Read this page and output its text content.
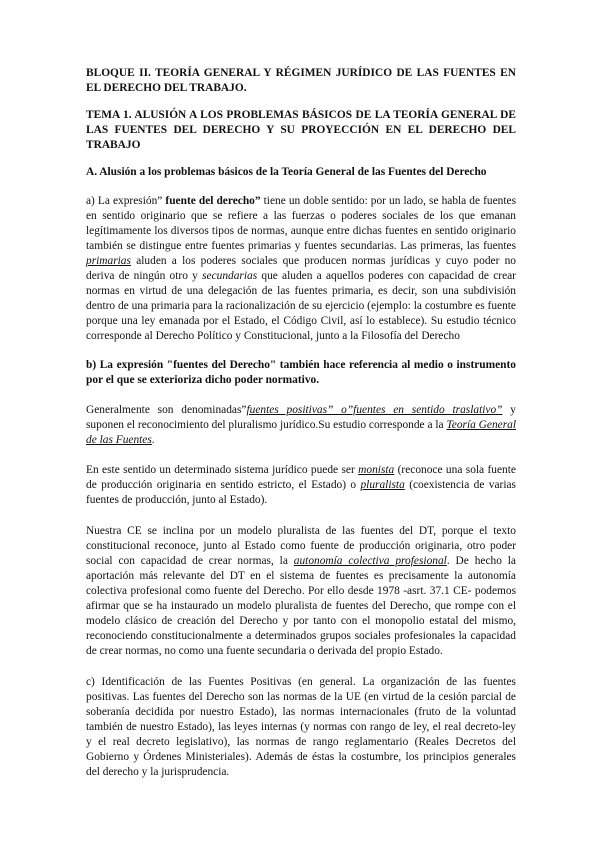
BLOQUE II. TEORÍA GENERAL Y RÉGIMEN JURÍDICO DE LAS FUENTES EN EL DERECHO DEL TRABAJO.

TEMA 1. ALUSIÓN A LOS PROBLEMAS BÁSICOS DE LA TEORÍA GENERAL DE LAS FUENTES DEL DERECHO Y SU PROYECCIÓN EN EL DERECHO DEL TRABAJO

A. Alusión a los problemas básicos de la Teoría General de las Fuentes del Derecho

a) La expresión” fuente del derecho” tiene un doble sentido: por un lado, se habla de fuentes en sentido originario que se refiere a las fuerzas o poderes sociales de los que emanan legítimamente los diversos tipos de normas, aunque entre dichas fuentes en sentido originario también se distingue entre fuentes primarias y fuentes secundarias. Las primeras, las fuentes primarias aluden a los poderes sociales que producen normas jurídicas y cuyo poder no deriva de ningún otro y secundarias que aluden a aquellos poderes con capacidad de crear normas en virtud de una delegación de las fuentes primaria, es decir, son una subdivisión dentro de una primaria para la racionalización de su ejercicio (ejemplo: la costumbre es fuente porque una ley emanada por el Estado, el Código Civil, así lo establece). Su estudio técnico corresponde al Derecho Político y Constitucional, junto a la Filosofía del Derecho

b) La expresión "fuentes del Derecho" también hace referencia al medio o instrumento por el que se exterioriza dicho poder normativo.

Generalmente son denominadas”fuentes positivas” o”fuentes en sentido traslativo” y suponen el reconocimiento del pluralismo jurídico.Su estudio corresponde a la Teoría General de las Fuentes.

En este sentido un determinado sistema jurídico puede ser monista (reconoce una sola fuente de producción originaria en sentido estricto, el Estado) o pluralista (coexistencia de varias fuentes de producción, junto al Estado).

Nuestra CE se inclina por un modelo pluralista de las fuentes del DT, porque el texto constitucional reconoce, junto al Estado como fuente de producción originaria, otro poder social con capacidad de crear normas, la autonomía colectiva profesional. De hecho la aportación más relevante del DT en el sistema de fuentes es precisamente la autonomía colectiva profesional como fuente del Derecho. Por ello desde 1978 -asrt. 37.1 CE- podemos afirmar que se ha instaurado un modelo pluralista de fuentes del Derecho, que rompe con el modelo clásico de creación del Derecho y por tanto con el monopolio estatal del mismo, reconociendo constitucionalmente a determinados grupos sociales profesionales la capacidad de crear normas, no como una fuente secundaria o derivada del propio Estado.

c) Identificación de las Fuentes Positivas (en general. La organización de las fuentes positivas. Las fuentes del Derecho son las normas de la UE (en virtud de la cesión parcial de soberanía decidida por nuestro Estado), las normas internacionales (fruto de la voluntad también de nuestro Estado), las leyes internas (y normas con rango de ley, el real decreto-ley y el real decreto legislativo), las normas de rango reglamentario (Reales Decretos del Gobierno y Órdenes Ministeriales). Además de éstas la costumbre, los principios generales del derecho y la jurisprudencia.
